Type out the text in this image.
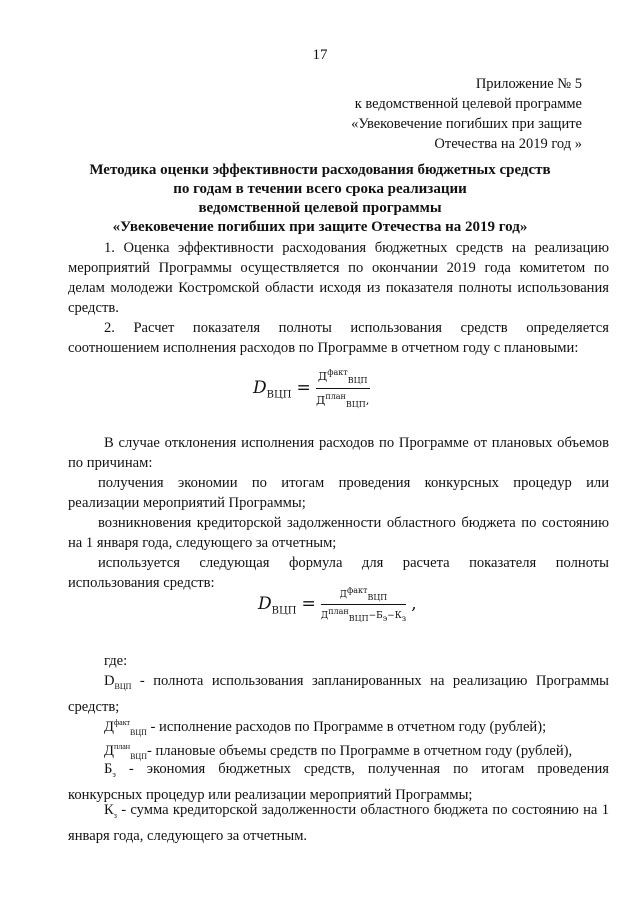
17
Приложение № 5
к ведомственной целевой программе
«Увековечение погибших при защите
Отечества на 2019 год »
Методика оценки эффективности расходования бюджетных средств
по годам в течении всего срока реализации
ведомственной целевой программы
«Увековечение погибших при защите Отечества на 2019 год»
1. Оценка эффективности расходования бюджетных средств на реализацию мероприятий Программы осуществляется по окончании 2019 года комитетом по делам молодежи Костромской области исходя из показателя полноты использования средств.
2. Расчет показателя полноты использования средств определяется соотношением исполнения расходов по Программе в отчетном году с плановыми:
$D_{ВЦП} = \frac{Д^{факт}_{ВЦП}}{Д^{план}_{ВЦП},}$
В случае отклонения исполнения расходов по Программе от плановых объемов по причинам:
получения экономии по итогам проведения конкурсных процедур или реализации мероприятий Программы;
возникновения кредиторской задолженности областного бюджета по состоянию на 1 января года, следующего за отчетным;
используется следующая формула для расчета показателя полноты использования средств:
$D_{ВЦП} = \frac{Д^{факт}_{ВЦП}}{Д^{план}_{ВЦП}-Б_э-К_з}$ ,
где:
$D_{ВЦП}$ - полнота использования запланированных на реализацию Программы средств;
$Д^{факт}_{ВЦП}$ - исполнение расходов по Программе в отчетном году (рублей);
$Д^{план}_{ВЦП}-$ плановые объемы средств по Программе в отчетном году (рублей),
$Б_э$ - экономия бюджетных средств, полученная по итогам проведения конкурсных процедур или реализации мероприятий Программы;
$К_з$ - сумма кредиторской задолженности областного бюджета по состоянию на 1 января года, следующего за отчетным.
